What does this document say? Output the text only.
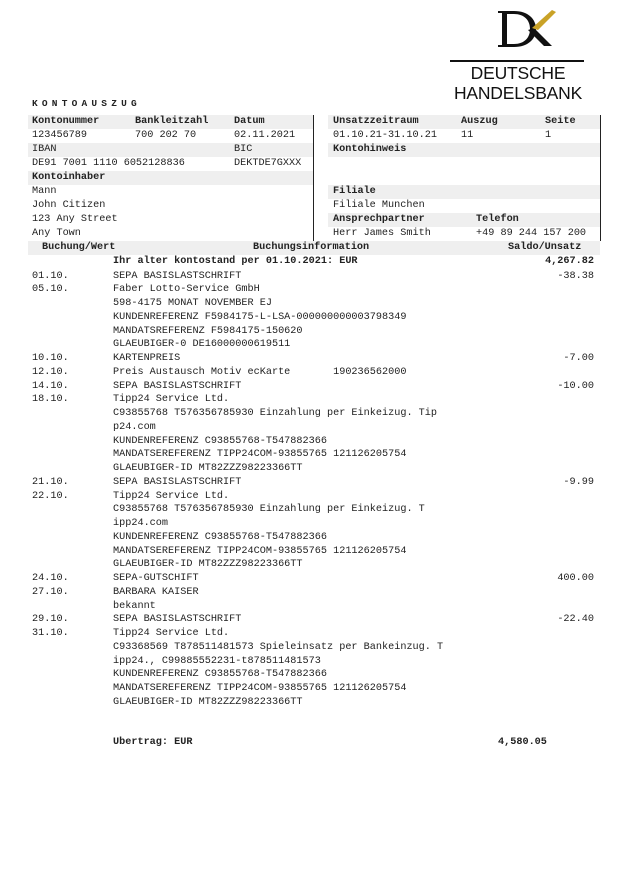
DEUTSCHE
HANDELSBANK
KONTOAUSZUG
Kontonummer	Bankleitzahl	Datum
123456789	700 202 70	02.11.2021
IBAN	BIC
DE91 7001 1110 6052128836	DEKTDE7GXXX
Kontoinhaber
Mann
John Citizen
123 Any Street
Any Town
Unsatzzeitraum	Auszug	Seite
01.10.21-31.10.21 11	1
Kontohinweis
Filiale
Filiale Munchen
Ansprechpartner	Telefon
Herr James Smith	+49 89 244 157 200
Buchung/Wert	Buchungsinformation	Saldo/Unsatz
Ihr alter kontostand per 01.10.2021: EUR	4,267.82
01.10.	SEPA BASISLASTSCHRIFT	-38.38
05.10.	Faber Lotto-Service GmbH
598-4175 MONAT NOVEMBER EJ
KUNDENREFERENZ F5984175-L-LSA-000000000003798349
MANDATSREFERENZ F5984175-150620
GLAEUBIGER-0 DE16000000619511
10.10.	KARTENPREIS	-7.00
12.10.	Preis Austausch Motiv ecKarte       190236562000
14.10.	SEPA BASISLASTSCHRIFT	-10.00
18.10.	Tipp24 Service Ltd.
C93855768 T576356785930 Einzahlung per Einkeizug. Tip
p24.com
KUNDENREFERENZ C93855768-T547882366
MANDATSEREFERENZ TIPP24COM-93855765 121126205754
GLAEUBIGER-ID MT82ZZZ98223366TT
21.10.	SEPA BASISLASTSCHRIFT	-9.99
22.10.	Tipp24 Service Ltd.
C93855768 T576356785930 Einzahlung per Einkeizug. T
ipp24.com
KUNDENREFERENZ C93855768-T547882366
MANDATSEREFERENZ TIPP24COM-93855765 121126205754
GLAEUBIGER-ID MT82ZZZ98223366TT
24.10.	SEPA-GUTSCHIFT	400.00
27.10.	BARBARA KAISER
bekannt
29.10.	SEPA BASISLASTSCHRIFT	-22.40
31.10.	Tipp24 Service Ltd.
C93368569 T878511481573 Spieleinsatz per Bankeinzug. T
ipp24., C99885552231-t878511481573
KUNDENREFERENZ C93855768-T547882366
MANDATSEREFERENZ TIPP24COM-93855765 121126205754
GLAEUBIGER-ID MT82ZZZ98223366TT
Ubertrag: EUR	4,580.05
